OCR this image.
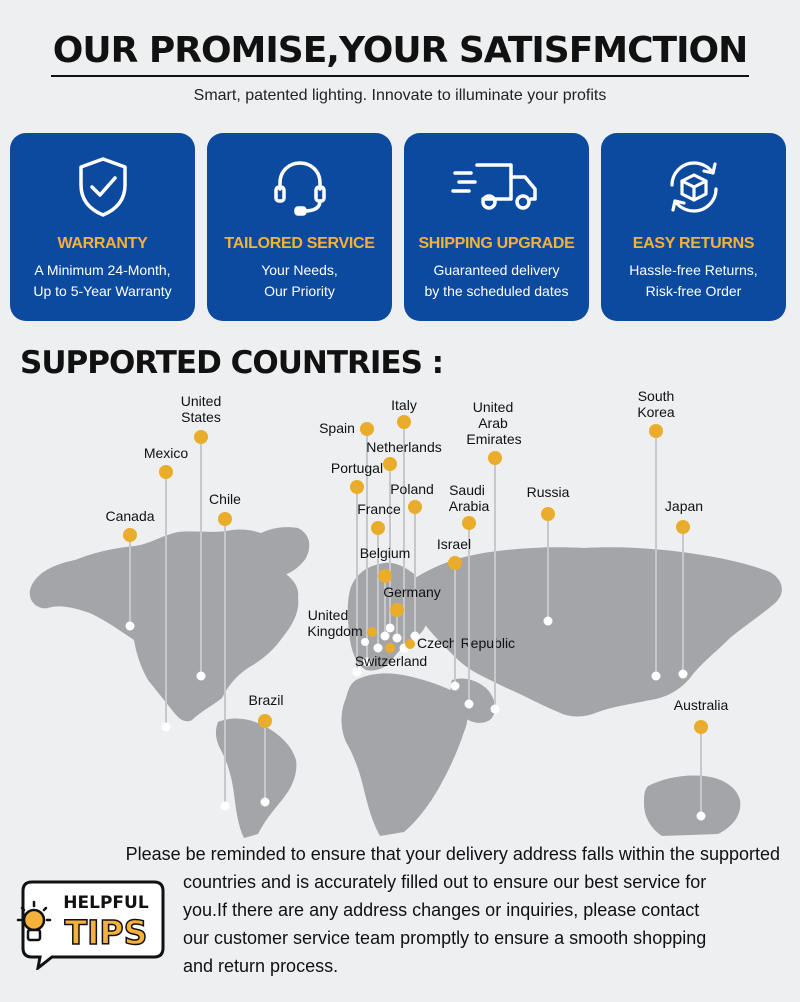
OUR PROMISE,YOUR SATISFMCTION
Smart, patented lighting. Innovate to illuminate your profits
WARRANTY
A Minimum 24-Month,
Up to 5-Year Warranty
TAILORED SERVICE
Your Needs,
Our Priority
SHIPPING UPGRADE
Guaranteed delivery
by the scheduled dates
EASY RETURNS
Hassle-free Returns,
Risk-free Order
SUPPORTED COUNTRIES :
United States
Mexico
Chile
Canada
Brazil
Spain
Italy
Netherlands
Portugal
Poland
France
Belgium
Germany
United Kingdom
Czech Republic
Switzerland
Saudi Arabia
Israel
United Arab Emirates
Russia
South Korea
Japan
Australia
Please be reminded to ensure that your delivery address falls within the supported
countries and is accurately filled out to ensure our best service for
you.If there are any address changes or inquiries, please contact
our customer service team promptly to ensure a smooth shopping
and return process.
HELPFUL
TIPS
